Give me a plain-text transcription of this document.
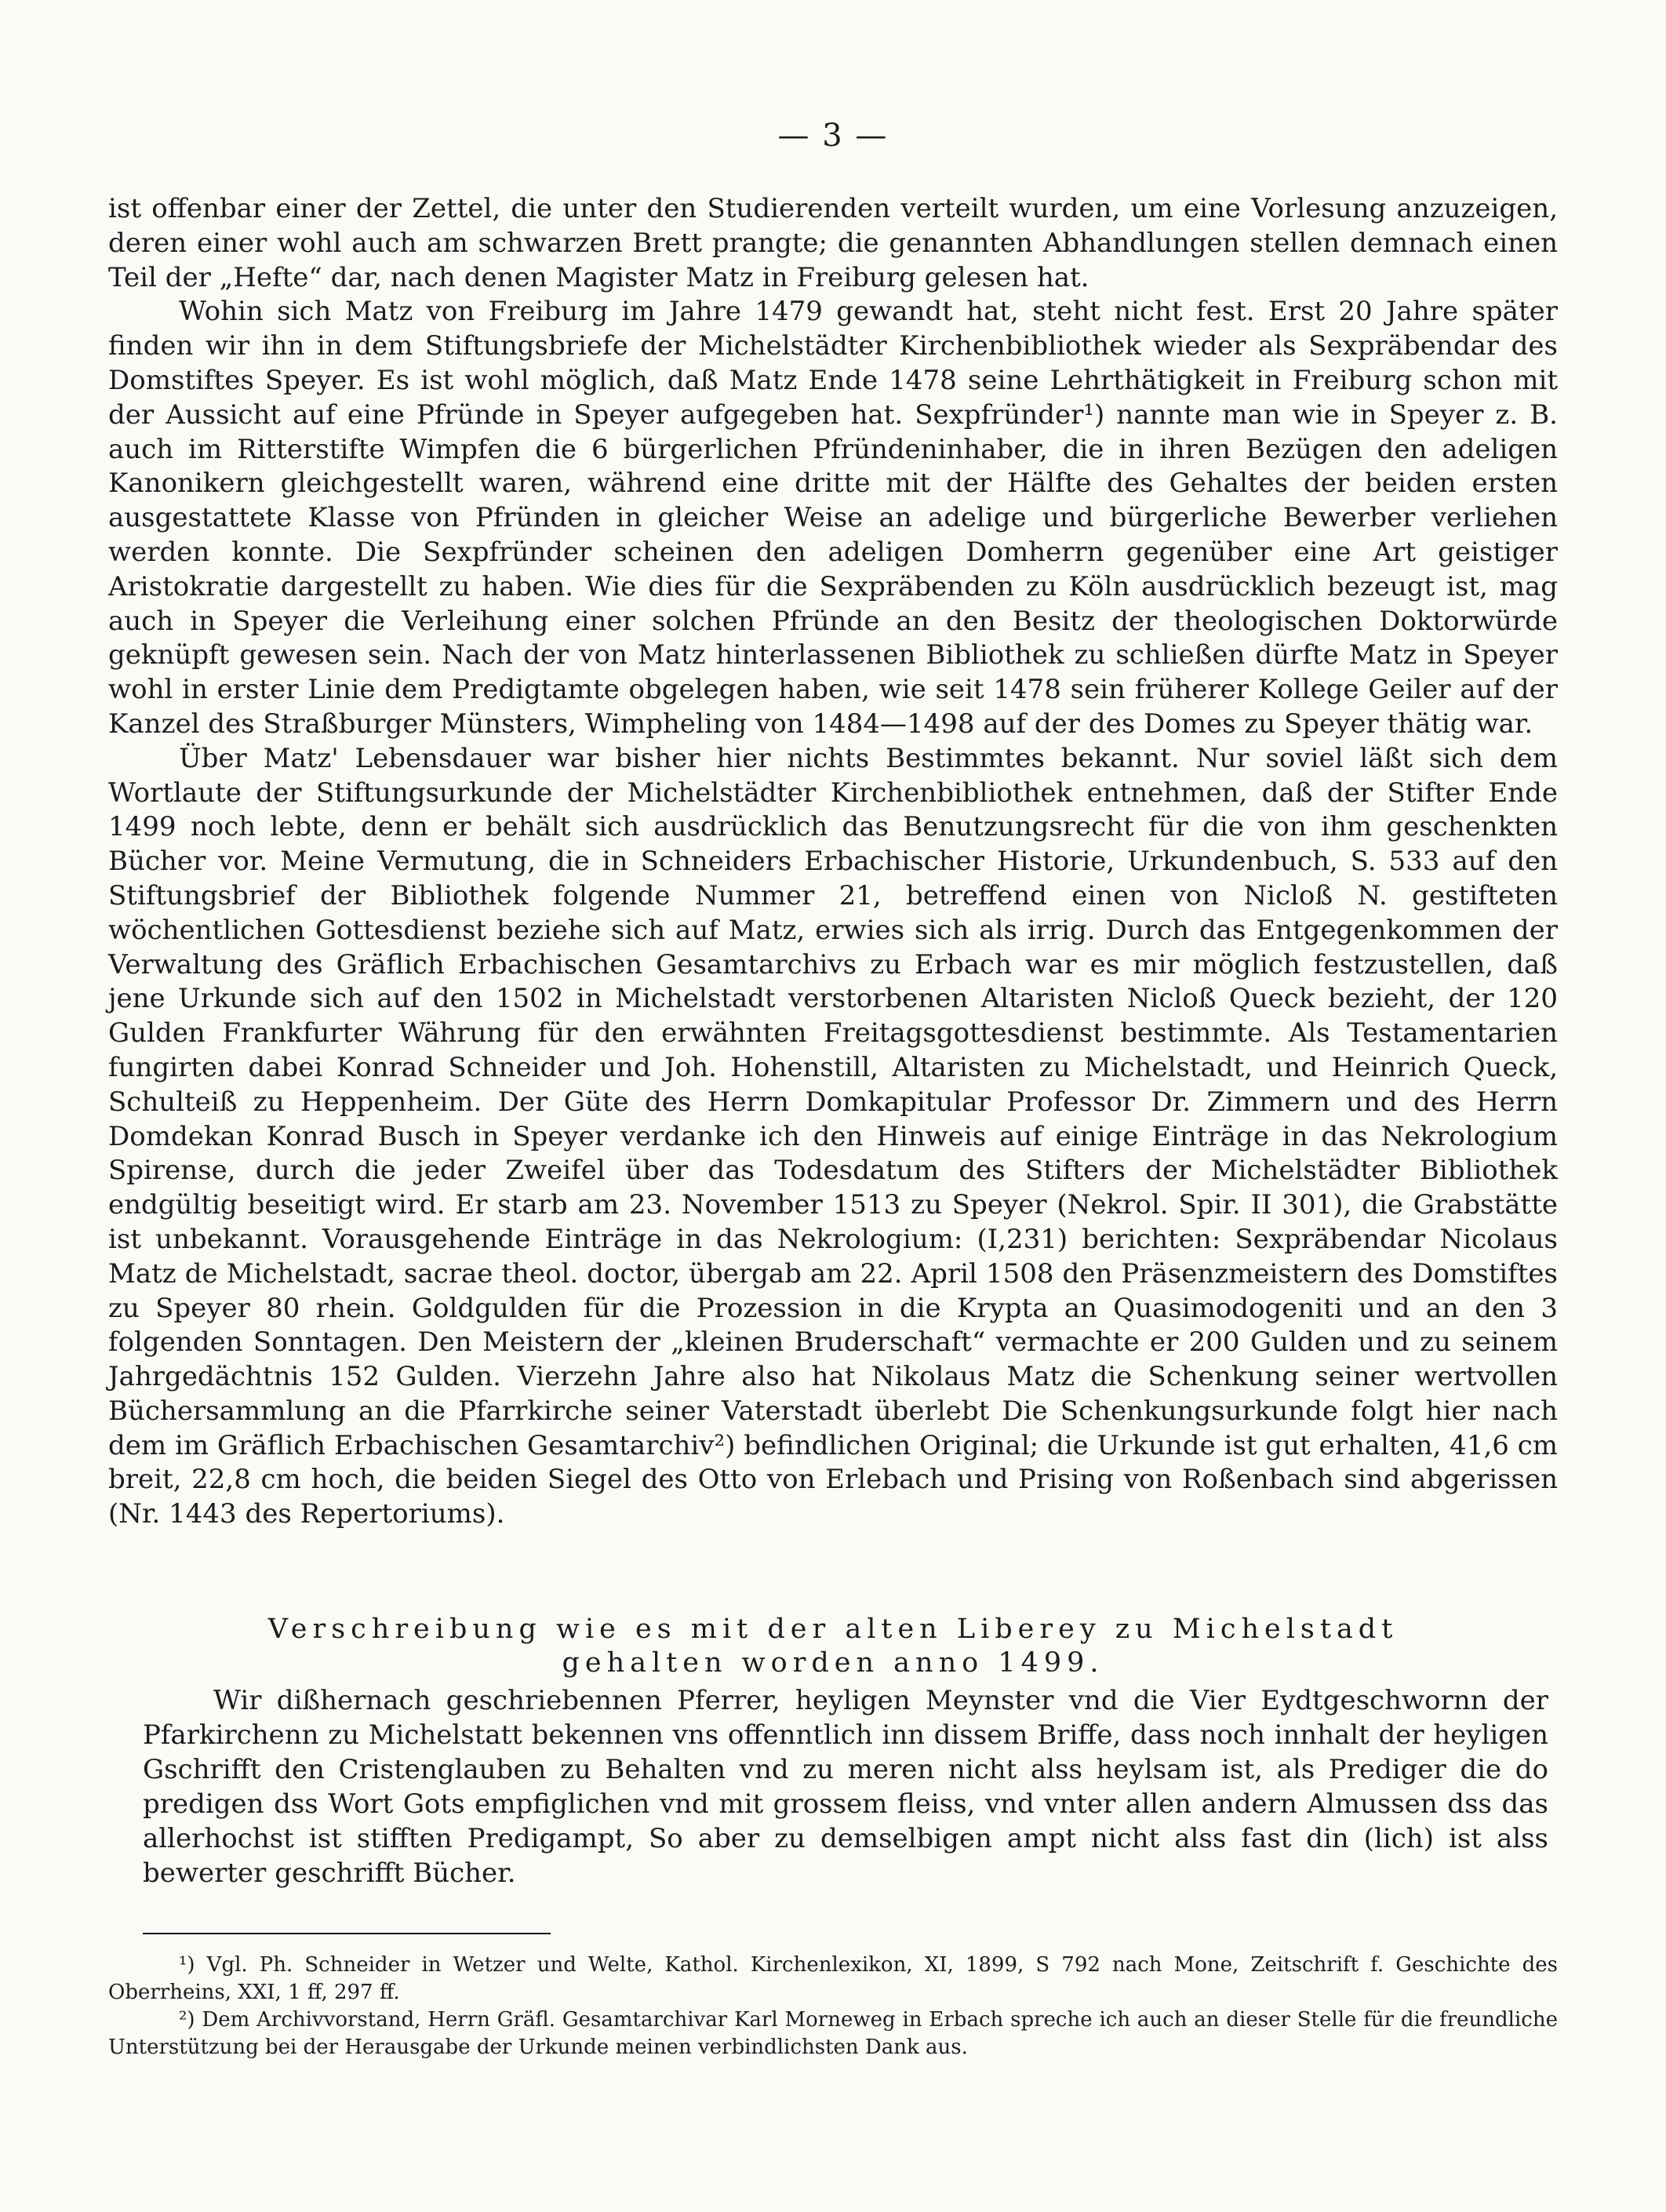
— 3 —

ist offenbar einer der Zettel, die unter den Studierenden verteilt wurden, um eine Vorlesung anzuzeigen, deren einer wohl auch am schwarzen Brett prangte; die genannten Abhandlungen stellen demnach einen Teil der „Hefte“ dar, nach denen Magister Matz in Freiburg gelesen hat.

Wohin sich Matz von Freiburg im Jahre 1479 gewandt hat, steht nicht fest. Erst 20 Jahre später finden wir ihn in dem Stiftungsbriefe der Michelstädter Kirchenbibliothek wieder als Sexpräbendar des Domstiftes Speyer. Es ist wohl möglich, daß Matz Ende 1478 seine Lehrthätigkeit in Freiburg schon mit der Aussicht auf eine Pfründe in Speyer aufgegeben hat. Sexpfründer¹) nannte man wie in Speyer z. B. auch im Ritterstifte Wimpfen die 6 bürgerlichen Pfründeninhaber, die in ihren Bezügen den adeligen Kanonikern gleichgestellt waren, während eine dritte mit der Hälfte des Gehaltes der beiden ersten ausgestattete Klasse von Pfründen in gleicher Weise an adelige und bürgerliche Bewerber verliehen werden konnte. Die Sexpfründer scheinen den adeligen Domherrn gegenüber eine Art geistiger Aristokratie dargestellt zu haben. Wie dies für die Sexpräbenden zu Köln ausdrücklich bezeugt ist, mag auch in Speyer die Verleihung einer solchen Pfründe an den Besitz der theologischen Doktorwürde geknüpft gewesen sein. Nach der von Matz hinterlassenen Bibliothek zu schließen dürfte Matz in Speyer wohl in erster Linie dem Predigtamte obgelegen haben, wie seit 1478 sein früherer Kollege Geiler auf der Kanzel des Straßburger Münsters, Wimpheling von 1484—1498 auf der des Domes zu Speyer thätig war.

Über Matz' Lebensdauer war bisher hier nichts Bestimmtes bekannt. Nur soviel läßt sich dem Wortlaute der Stiftungsurkunde der Michelstädter Kirchenbibliothek entnehmen, daß der Stifter Ende 1499 noch lebte, denn er behält sich ausdrücklich das Benutzungsrecht für die von ihm geschenkten Bücher vor. Meine Vermutung, die in Schneiders Erbachischer Historie, Urkundenbuch, S. 533 auf den Stiftungsbrief der Bibliothek folgende Nummer 21, betreffend einen von Nicloß N. gestifteten wöchentlichen Gottesdienst beziehe sich auf Matz, erwies sich als irrig. Durch das Entgegenkommen der Verwaltung des Gräflich Erbachischen Gesamtarchivs zu Erbach war es mir möglich festzustellen, daß jene Urkunde sich auf den 1502 in Michelstadt verstorbenen Altaristen Nicloß Queck bezieht, der 120 Gulden Frankfurter Währung für den erwähnten Freitagsgottesdienst bestimmte. Als Testamentarien fungirten dabei Konrad Schneider und Joh. Hohenstill, Altaristen zu Michelstadt, und Heinrich Queck, Schulteiß zu Heppenheim. Der Güte des Herrn Domkapitular Professor Dr. Zimmern und des Herrn Domdekan Konrad Busch in Speyer verdanke ich den Hinweis auf einige Einträge in das Nekrologium Spirense, durch die jeder Zweifel über das Todesdatum des Stifters der Michelstädter Bibliothek endgültig beseitigt wird. Er starb am 23. November 1513 zu Speyer (Nekrol. Spir. II 301), die Grabstätte ist unbekannt. Vorausgehende Einträge in das Nekrologium: (I,231) berichten: Sexpräbendar Nicolaus Matz de Michelstadt, sacrae theol. doctor, übergab am 22. April 1508 den Präsenzmeistern des Domstiftes zu Speyer 80 rhein. Goldgulden für die Prozession in die Krypta an Quasimodogeniti und an den 3 folgenden Sonntagen. Den Meistern der „kleinen Bruderschaft“ vermachte er 200 Gulden und zu seinem Jahrgedächtnis 152 Gulden. Vierzehn Jahre also hat Nikolaus Matz die Schenkung seiner wertvollen Büchersammlung an die Pfarrkirche seiner Vaterstadt überlebt Die Schenkungsurkunde folgt hier nach dem im Gräflich Erbachischen Gesamtarchiv²) befindlichen Original; die Urkunde ist gut erhalten, 41,6 cm breit, 22,8 cm hoch, die beiden Siegel des Otto von Erlebach und Prising von Roßenbach sind abgerissen (Nr. 1443 des Repertoriums).

Verschreibung wie es mit der alten Liberey zu Michelstadt
gehalten worden anno 1499.

Wir dißhernach geschriebennen Pferrer, heyligen Meynster vnd die Vier Eydtgeschwornn der Pfarkirchenn zu Michelstatt bekennen vns offenntlich inn dissem Briffe, dass noch innhalt der heyligen Gschrifft den Cristenglauben zu Behalten vnd zu meren nicht alss heylsam ist, als Prediger die do predigen dss Wort Gots empfiglichen vnd mit grossem fleiss, vnd vnter allen andern Almussen dss das allerhochst ist stifften Predigampt, So aber zu demselbigen ampt nicht alss fast din (lich) ist alss bewerter geschrifft Bücher.

¹) Vgl. Ph. Schneider in Wetzer und Welte, Kathol. Kirchenlexikon, XI, 1899, S 792 nach Mone, Zeitschrift f. Geschichte des Oberrheins, XXI, 1 ff, 297 ff.

²) Dem Archivvorstand, Herrn Gräfl. Gesamtarchivar Karl Morneweg in Erbach spreche ich auch an dieser Stelle für die freundliche Unterstützung bei der Herausgabe der Urkunde meinen verbindlichsten Dank aus.
